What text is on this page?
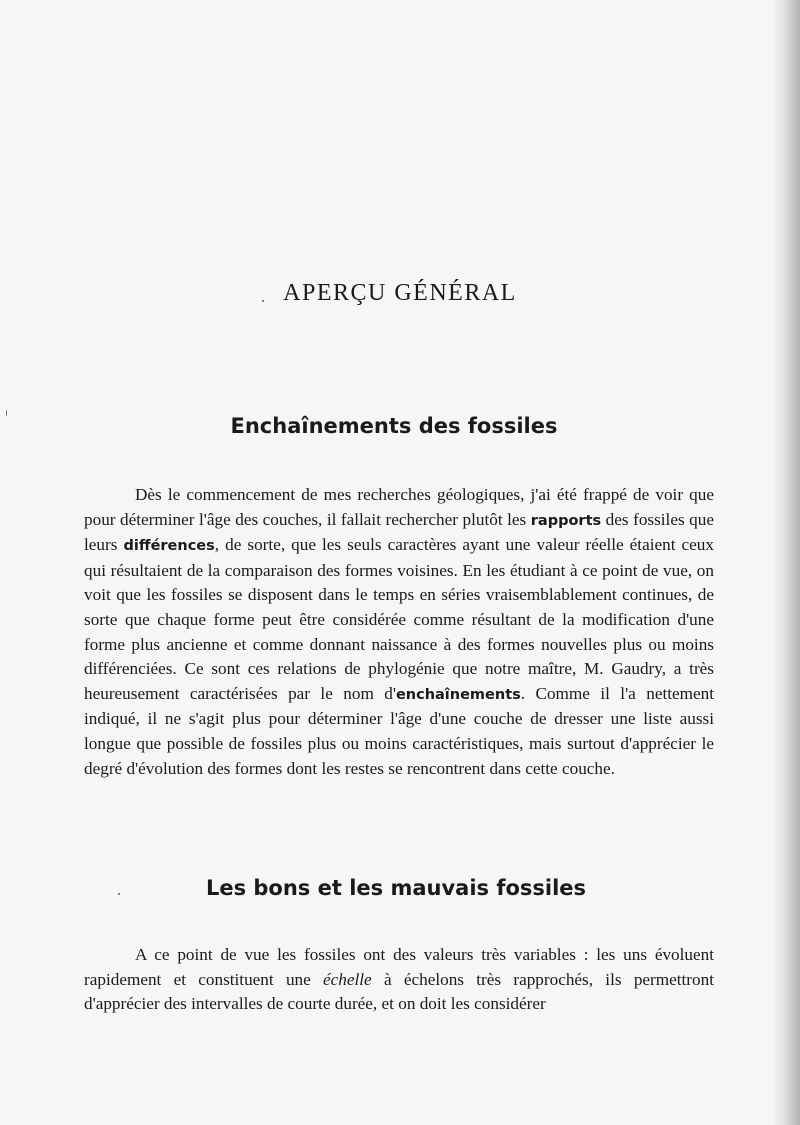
APERÇU GÉNÉRAL
Enchaînements des fossiles

Dès le commencement de mes recherches géologiques, j'ai été frappé de voir que pour déterminer l'âge des couches, il fallait rechercher plutôt les rapports des fossiles que leurs différences, de sorte, que les seuls caractères ayant une valeur réelle étaient ceux qui résultaient de la comparaison des formes voisines. En les étudiant à ce point de vue, on voit que les fossiles se disposent dans le temps en séries vraisemblablement continues, de sorte que chaque forme peut être considérée comme résultant de la modification d'une forme plus ancienne et comme donnant naissance à des formes nouvelles plus ou moins différenciées. Ce sont ces relations de phylogénie que notre maître, M. Gaudry, a très heureusement caractérisées par le nom d'enchaînements. Comme il l'a nettement indiqué, il ne s'agit plus pour déterminer l'âge d'une couche de dresser une liste aussi longue que possible de fossiles plus ou moins caractéristiques, mais surtout d'apprécier le degré d'évolution des formes dont les restes se rencontrent dans cette couche.

Les bons et les mauvais fossiles

A ce point de vue les fossiles ont des valeurs très variables : les uns évoluent rapidement et constituent une échelle à échelons très rapprochés, ils permettront d'apprécier des intervalles de courte durée, et on doit les considérer
